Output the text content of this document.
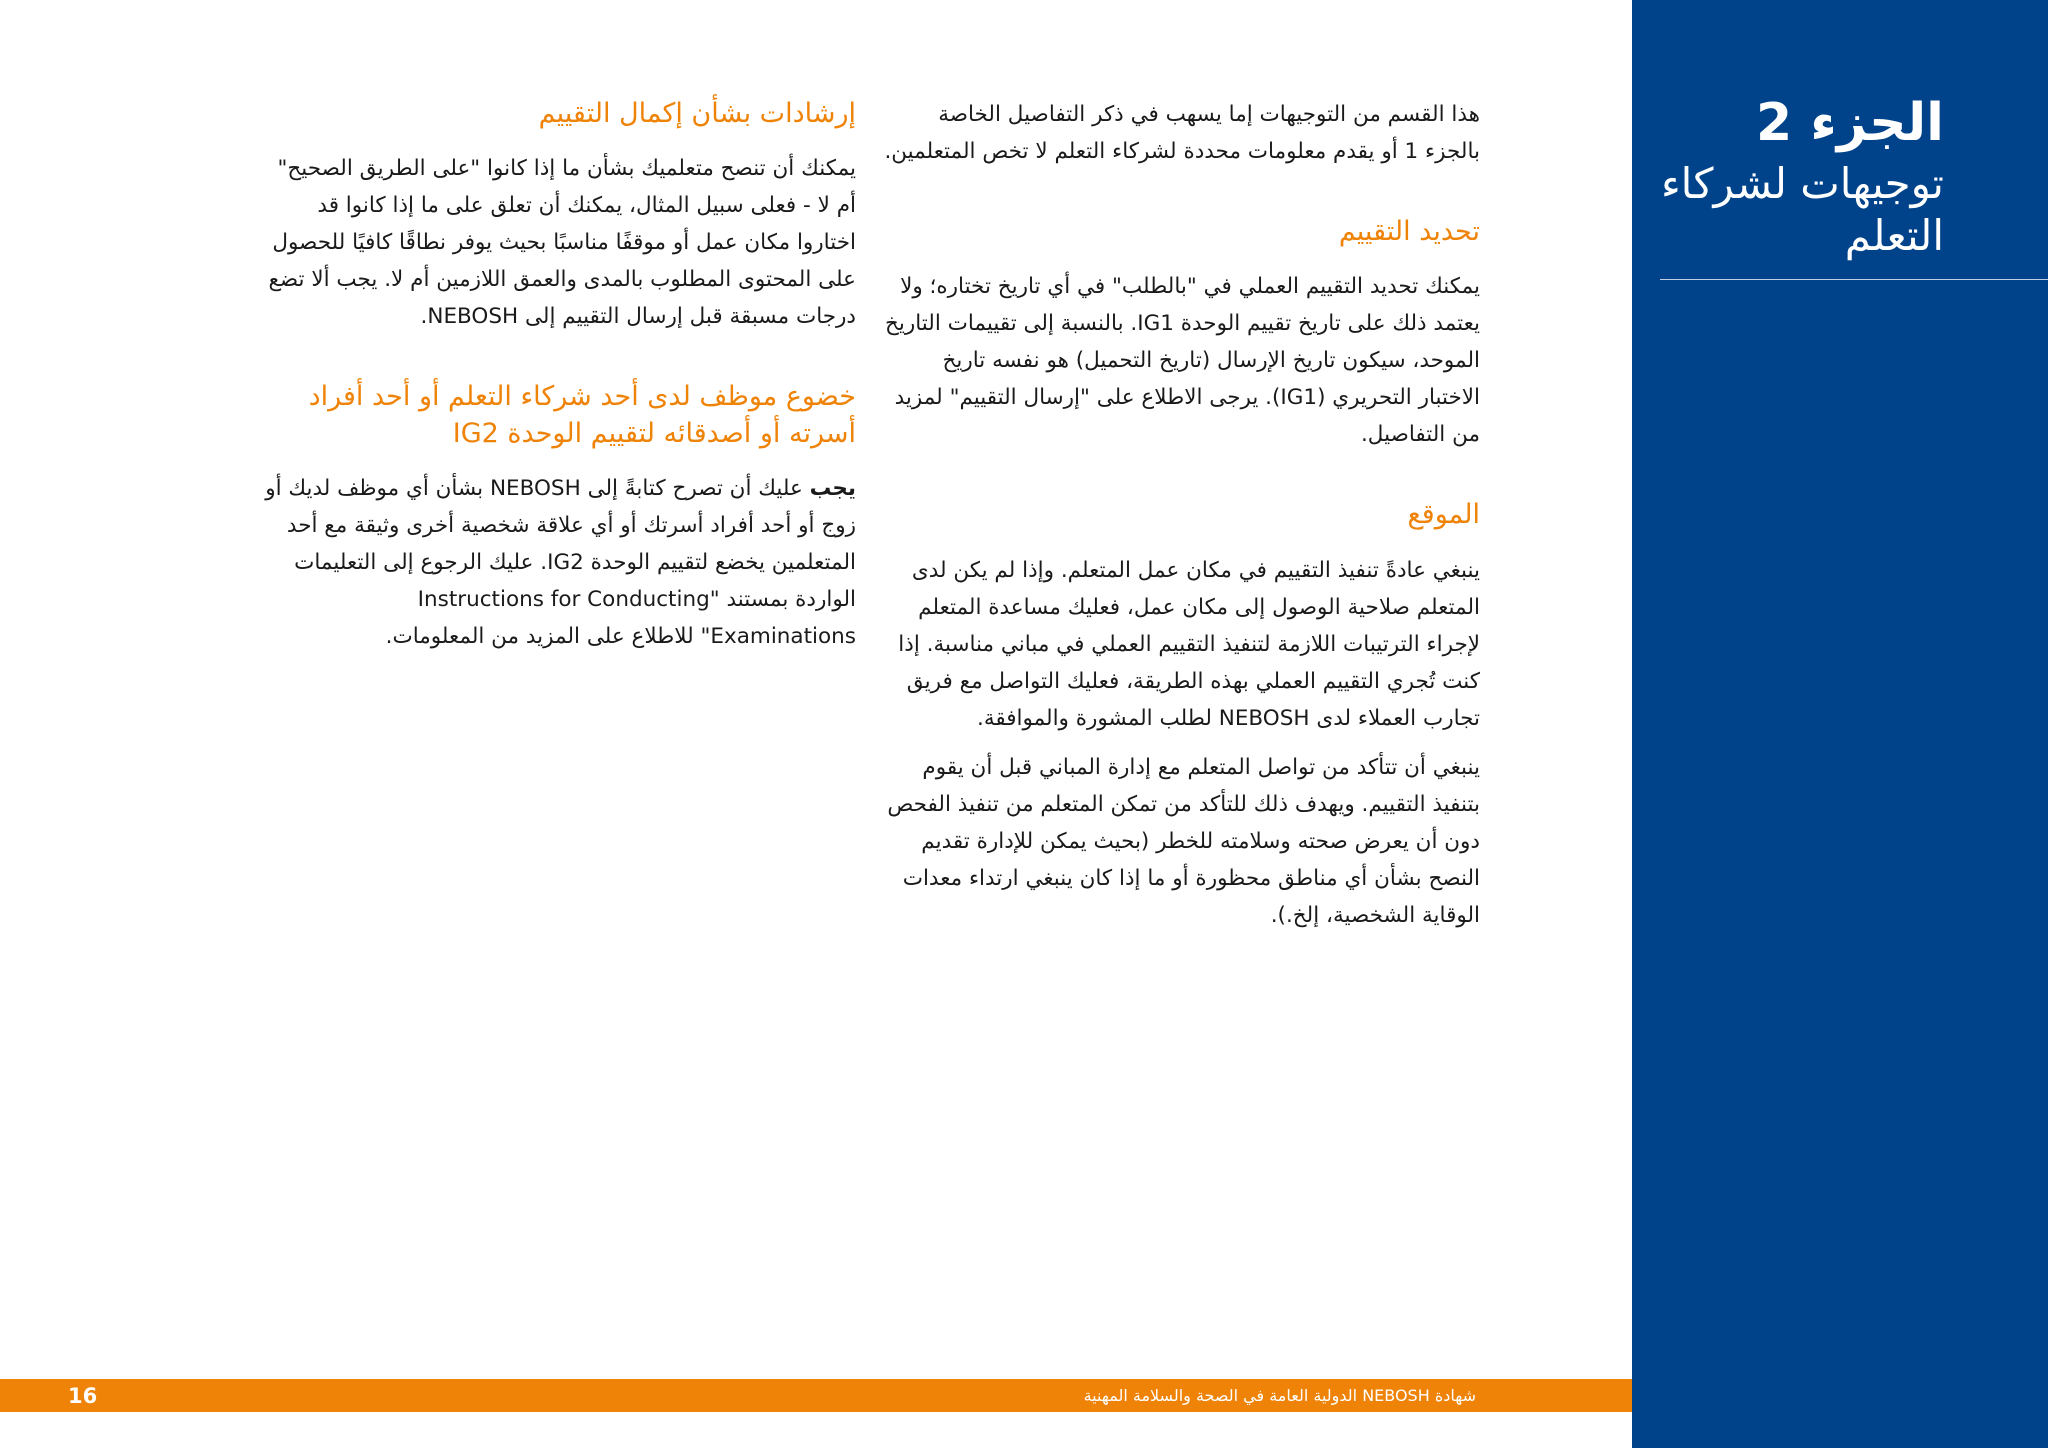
الجزء 2
توجيهات لشركاء التعلم

هذا القسم من التوجيهات إما يسهب في ذكر التفاصيل الخاصة بالجزء 1 أو يقدم معلومات محددة لشركاء التعلم لا تخص المتعلمين.

تحديد التقييم

يمكنك تحديد التقييم العملي في "بالطلب" في أي تاريخ تختاره؛ ولا يعتمد ذلك على تاريخ تقييم الوحدة IG1. بالنسبة إلى تقييمات التاريخ الموحد، سيكون تاريخ الإرسال (تاريخ التحميل) هو نفسه تاريخ الاختبار التحريري (IG1). يرجى الاطلاع على "إرسال التقييم" لمزيد من التفاصيل.

الموقع

ينبغي عادةً تنفيذ التقييم في مكان عمل المتعلم. وإذا لم يكن لدى المتعلم صلاحية الوصول إلى مكان عمل، فعليك مساعدة المتعلم لإجراء الترتيبات اللازمة لتنفيذ التقييم العملي في مباني مناسبة. إذا كنت تُجري التقييم العملي بهذه الطريقة، فعليك التواصل مع فريق تجارب العملاء لدى NEBOSH لطلب المشورة والموافقة.

ينبغي أن تتأكد من تواصل المتعلم مع إدارة المباني قبل أن يقوم بتنفيذ التقييم. ويهدف ذلك للتأكد من تمكن المتعلم من تنفيذ الفحص دون أن يعرض صحته وسلامته للخطر (بحيث يمكن للإدارة تقديم النصح بشأن أي مناطق محظورة أو ما إذا كان ينبغي ارتداء معدات الوقاية الشخصية، إلخ.).

إرشادات بشأن إكمال التقييم

يمكنك أن تنصح متعلميك بشأن ما إذا كانوا "على الطريق الصحيح" أم لا - فعلى سبيل المثال، يمكنك أن تعلق على ما إذا كانوا قد اختاروا مكان عمل أو موقفًا مناسبًا بحيث يوفر نطاقًا كافيًا للحصول على المحتوى المطلوب بالمدى والعمق اللازمين أم لا. يجب ألا تضع درجات مسبقة قبل إرسال التقييم إلى NEBOSH.

خضوع موظف لدى أحد شركاء التعلم أو أحد أفراد أسرته أو أصدقائه لتقييم الوحدة IG2

يجب عليك أن تصرح كتابةً إلى NEBOSH بشأن أي موظف لديك أو زوج أو أحد أفراد أسرتك أو أي علاقة شخصية أخرى وثيقة مع أحد المتعلمين يخضع لتقييم الوحدة IG2. عليك الرجوع إلى التعليمات الواردة بمستند "Instructions for Conducting Examinations" للاطلاع على المزيد من المعلومات.

شهادة NEBOSH الدولية العامة في الصحة والسلامة المهنية
16
